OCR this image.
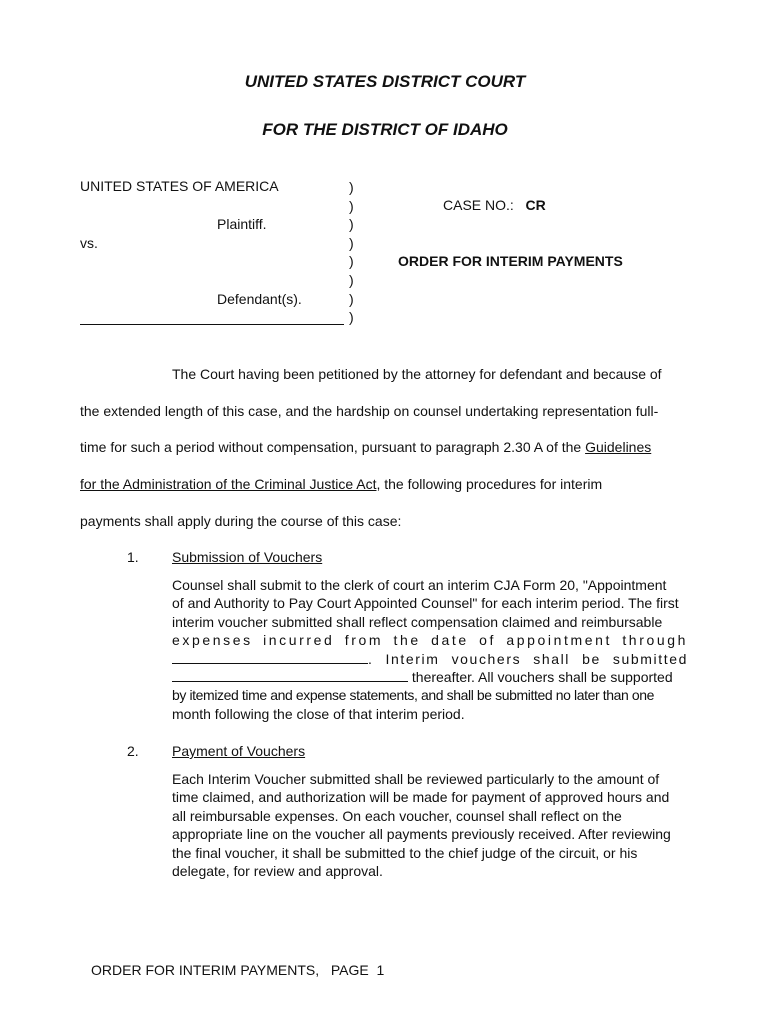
UNITED STATES DISTRICT COURT
FOR THE DISTRICT OF IDAHO
UNITED STATES OF AMERICA
Plaintiff.
vs.
Defendant(s).
)
)
)
)
)
)
)
)
CASE NO.: CR
ORDER FOR INTERIM PAYMENTS
The Court having been petitioned by the attorney for defendant and because of
the extended length of this case, and the hardship on counsel undertaking representation full-
time for such a period without compensation, pursuant to paragraph 2.30 A of the Guidelines
for the Administration of the Criminal Justice Act, the following procedures for interim
payments shall apply during the course of this case:
1. Submission of Vouchers

Counsel shall submit to the clerk of court an interim CJA Form 20, "Appointment

of and Authority to Pay Court Appointed Counsel" for each interim period. The first

interim voucher submitted shall reflect compensation claimed and reimbursable

expenses incurred from the date of appointment through

. Interim vouchers shall be submitted

thereafter. All vouchers shall be supported

by itemized time and expense statements, and shall be submitted no later than one

month following the close of that interim period.

2. Payment of Vouchers

Each Interim Voucher submitted shall be reviewed particularly to the amount of

time claimed, and authorization will be made for payment of approved hours and

all reimbursable expenses. On each voucher, counsel shall reflect on the

appropriate line on the voucher all payments previously received. After reviewing

the final voucher, it shall be submitted to the chief judge of the circuit, or his

delegate, for review and approval.

ORDER FOR INTERIM PAYMENTS,   PAGE  1
